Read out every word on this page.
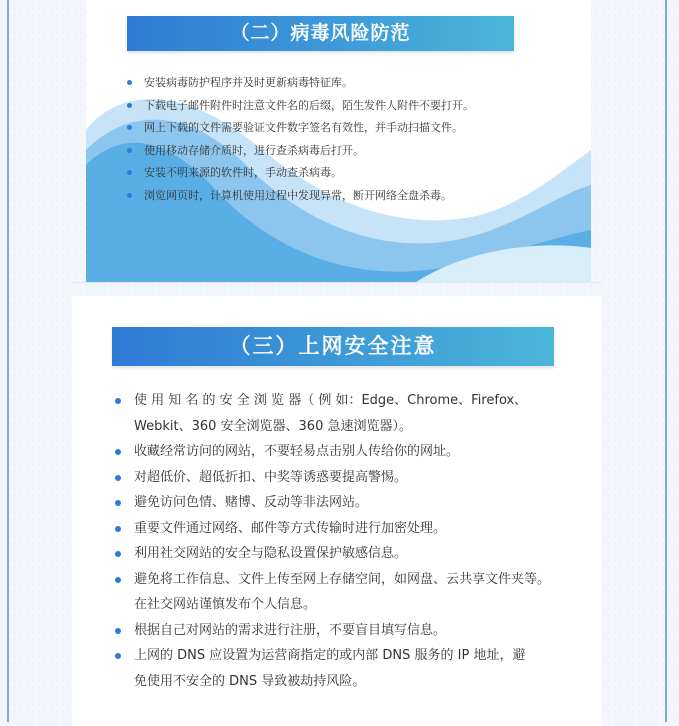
（二）病毒风险防范
安装病毒防护程序并及时更新病毒特征库。
下载电子邮件附件时注意文件名的后缀，陌生发件人附件不要打开。
网上下载的文件需要验证文件数字签名有效性，并手动扫描文件。
使用移动存储介质时，进行查杀病毒后打开。
安装不明来源的软件时，手动查杀病毒。
浏览网页时，计算机使用过程中发现异常，断开网络全盘杀毒。
（三）上网安全注意
使 用 知 名 的 安 全 浏 览 器（ 例 如：Edge、Chrome、Firefox、
Webkit、360 安全浏览器、360 急速浏览器）。
收藏经常访问的网站，不要轻易点击别人传给你的网址。
对超低价、超低折扣、中奖等诱惑要提高警惕。
避免访问色情、赌博、反动等非法网站。
重要文件通过网络、邮件等方式传输时进行加密处理。
利用社交网站的安全与隐私设置保护敏感信息。
避免将工作信息、文件上传至网上存储空间，如网盘、云共享文件夹等。
在社交网站谨慎发布个人信息。
根据自己对网站的需求进行注册，不要盲目填写信息。
上网的 DNS 应设置为运营商指定的或内部 DNS 服务的 IP 地址，避
免使用不安全的 DNS 导致被劫持风险。
